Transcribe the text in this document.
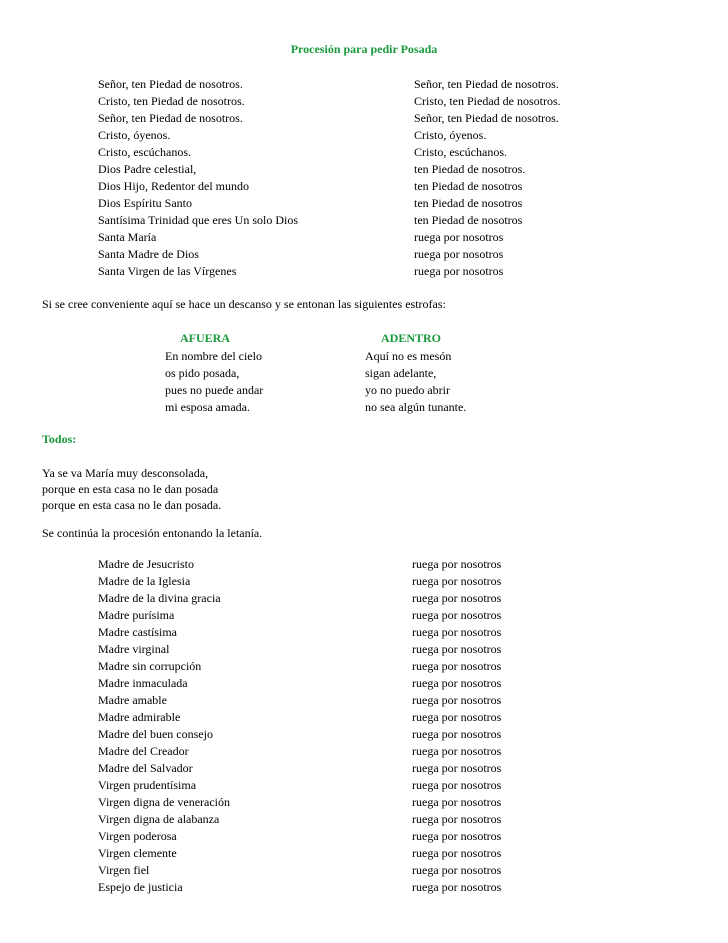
Procesión para pedir Posada
Señor, ten Piedad de nosotros.	Señor, ten Piedad de nosotros.
Cristo, ten Piedad de nosotros.	Cristo, ten Piedad de nosotros.
Señor, ten Piedad de nosotros.	Señor, ten Piedad de nosotros.
Cristo, óyenos.	Cristo, óyenos.
Cristo, escúchanos.	Cristo, escúchanos.
Dios Padre celestial,	ten Piedad de nosotros.
Dios Hijo, Redentor del mundo	ten Piedad de nosotros
Dios Espíritu Santo	ten Piedad de nosotros
Santísima Trinidad que eres Un solo Dios	ten Piedad de nosotros
Santa María	ruega por nosotros
Santa Madre de Dios	ruega por nosotros
Santa Virgen de las Vírgenes	ruega por nosotros
Si se cree conveniente aquí se hace un descanso y se entonan las siguientes estrofas:
AFUERA
En nombre del cielo
os pido posada,
pues no puede andar
mi esposa amada.
ADENTRO
Aquí no es mesón
sigan adelante,
yo no puedo abrir
no sea algún tunante.
Todos:
Ya se va María muy desconsolada,
porque en esta casa no le dan posada
porque en esta casa no le dan posada.
Se continúa la procesión entonando la letanía.
Madre de Jesucristo	ruega por nosotros
Madre de la Iglesia	ruega por nosotros
Madre de la divina gracia	ruega por nosotros
Madre purísima	ruega por nosotros
Madre castísima	ruega por nosotros
Madre virginal	ruega por nosotros
Madre sin corrupción	ruega por nosotros
Madre inmaculada	ruega por nosotros
Madre amable	ruega por nosotros
Madre admirable	ruega por nosotros
Madre del buen consejo	ruega por nosotros
Madre del Creador	ruega por nosotros
Madre del Salvador	ruega por nosotros
Virgen prudentísima	ruega por nosotros
Virgen digna de veneración	ruega por nosotros
Virgen digna de alabanza	ruega por nosotros
Virgen poderosa	ruega por nosotros
Virgen clemente	ruega por nosotros
Virgen fiel	ruega por nosotros
Espejo de justicia	ruega por nosotros
